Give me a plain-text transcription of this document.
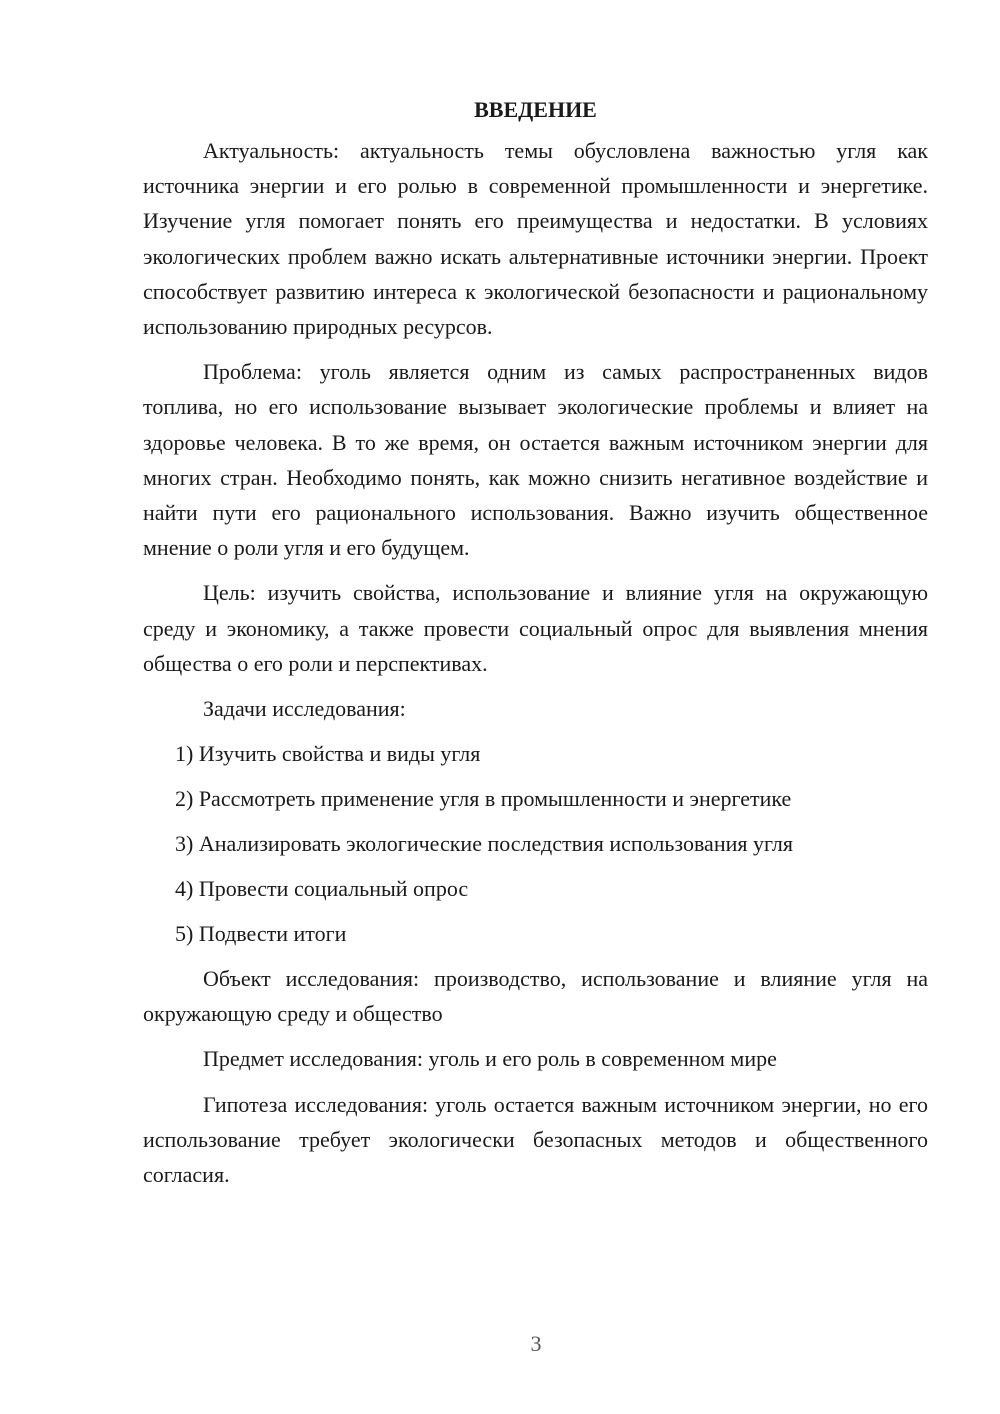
ВВЕДЕНИЕ

Актуальность: актуальность темы обусловлена важностью угля как источника энергии и его ролью в современной промышленности и энергетике. Изучение угля помогает понять его преимущества и недостатки. В условиях экологических проблем важно искать альтернативные источники энергии. Проект способствует развитию интереса к экологической безопасности и рациональному использованию природных ресурсов.

Проблема: уголь является одним из самых распространенных видов топлива, но его использование вызывает экологические проблемы и влияет на здоровье человека. В то же время, он остается важным источником энергии для многих стран. Необходимо понять, как можно снизить негативное воздействие и найти пути его рационального использования. Важно изучить общественное мнение о роли угля и его будущем.

Цель: изучить свойства, использование и влияние угля на окружающую среду и экономику, а также провести социальный опрос для выявления мнения общества о его роли и перспективах.

Задачи исследования:
1) Изучить свойства и виды угля
2) Рассмотреть применение угля в промышленности и энергетике
3) Анализировать экологические последствия использования угля
4) Провести социальный опрос
5) Подвести итоги

Объект исследования: производство, использование и влияние угля на окружающую среду и общество

Предмет исследования: уголь и его роль в современном мире

Гипотеза исследования: уголь остается важным источником энергии, но его использование требует экологически безопасных методов и общественного согласия.

3
